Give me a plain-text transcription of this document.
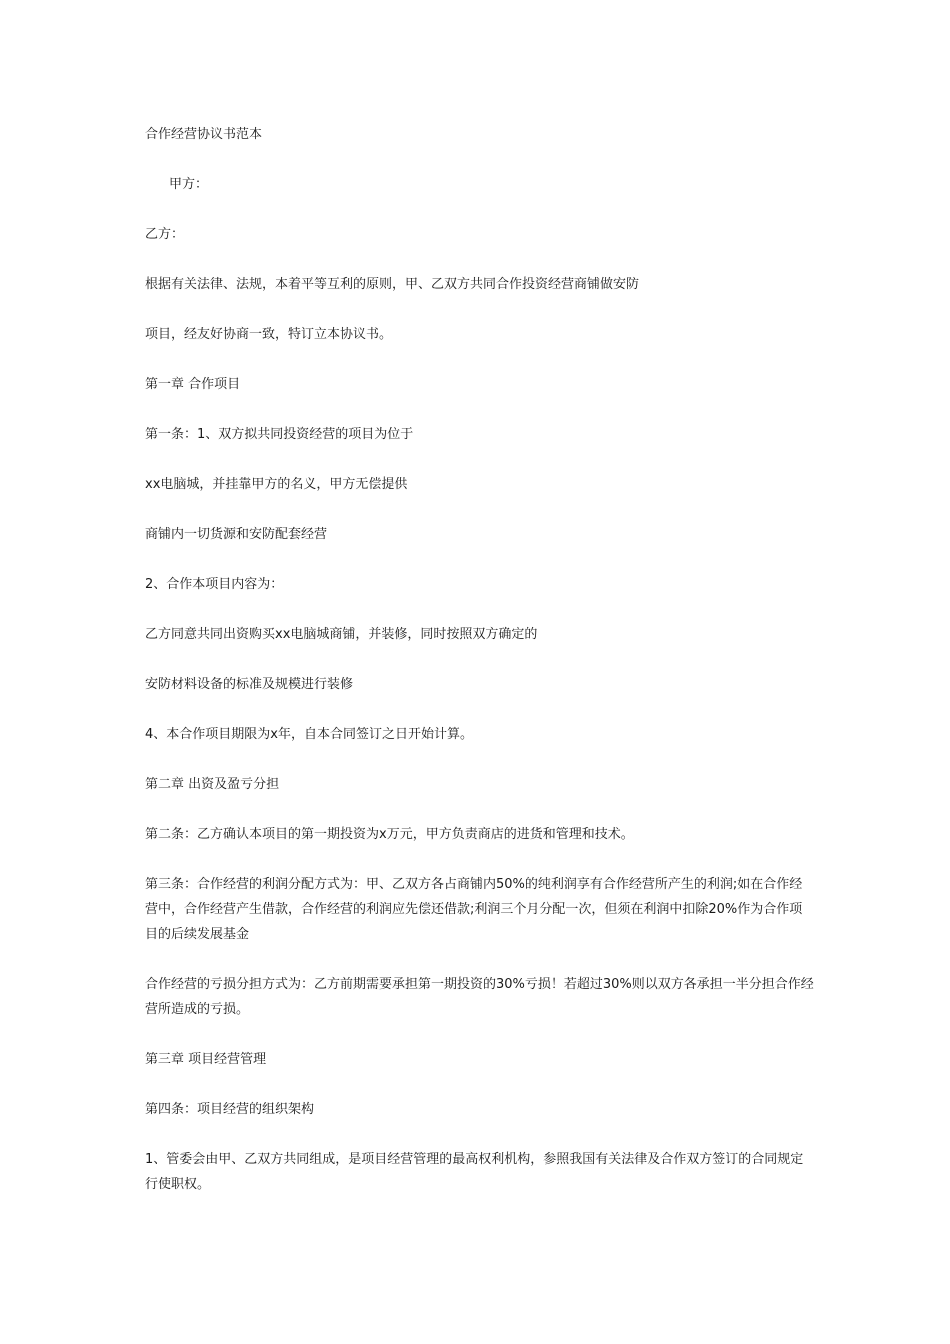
合作经营协议书范本

甲方：

乙方：

根据有关法律、法规，本着平等互利的原则，甲、乙双方共同合作投资经营商铺做安防

项目，经友好协商一致，特订立本协议书。

第一章 合作项目

第一条：1、双方拟共同投资经营的项目为位于

xx电脑城，并挂靠甲方的名义，甲方无偿提供

商铺内一切货源和安防配套经营

2、合作本项目内容为：

乙方同意共同出资购买xx电脑城商铺，并装修，同时按照双方确定的

安防材料设备的标准及规模进行装修

4、本合作项目期限为x年，自本合同签订之日开始计算。

第二章 出资及盈亏分担

第二条：乙方确认本项目的第一期投资为x万元，甲方负责商店的进货和管理和技术。

第三条：合作经营的利润分配方式为：甲、乙双方各占商铺内50%的纯利润享有合作经营所产生的利润;如在合作经营中，合作经营产生借款，合作经营的利润应先偿还借款;利润三个月分配一次，但须在利润中扣除20%作为合作项目的后续发展基金

合作经营的亏损分担方式为：乙方前期需要承担第一期投资的30%亏损！若超过30%则以双方各承担一半分担合作经营所造成的亏损。

第三章 项目经营管理

第四条：项目经营的组织架构

1、管委会由甲、乙双方共同组成，是项目经营管理的最高权利机构，参照我国有关法律及合作双方签订的合同规定行使职权。
